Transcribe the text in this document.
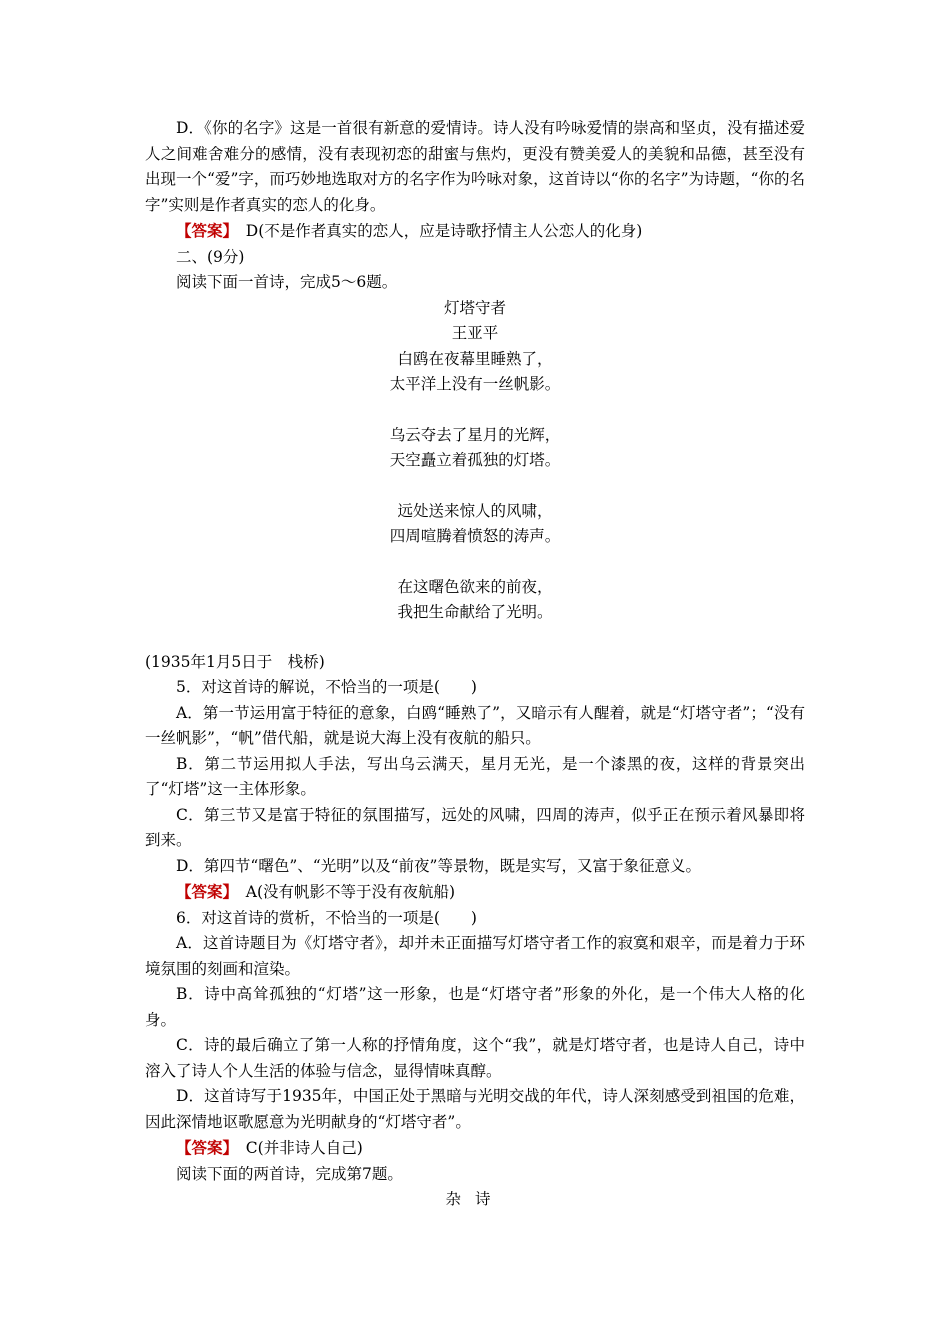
D．《你的名字》这是一首很有新意的爱情诗。诗人没有吟咏爱情的崇高和坚贞，没有描述爱人之间难舍难分的感情，没有表现初恋的甜蜜与焦灼，更没有赞美爱人的美貌和品德，甚至没有出现一个“爱”字，而巧妙地选取对方的名字作为吟咏对象，这首诗以“你的名字”为诗题，“你的名字”实则是作者真实的恋人的化身。

【答案】　 D(不是作者真实的恋人，应是诗歌抒情主人公恋人的化身)

二、(9分)

阅读下面一首诗，完成5～6题。

灯塔守者

王亚平

白鸥在夜幕里睡熟了，

太平洋上没有一丝帆影。

乌云夺去了星月的光辉，

天空矗立着孤独的灯塔。

远处送来惊人的风啸，

四周喧腾着愤怒的涛声。

在这曙色欲来的前夜，

我把生命献给了光明。

(1935年1月5日于　栈桥)

5．对这首诗的解说，不恰当的一项是(　　)

A．第一节运用富于特征的意象，白鸥“睡熟了”，又暗示有人醒着，就是“灯塔守者”；“没有一丝帆影”，“帆”借代船，就是说大海上没有夜航的船只。

B．第二节运用拟人手法，写出乌云满天，星月无光，是一个漆黑的夜，这样的背景突出了“灯塔”这一主体形象。

C．第三节又是富于特征的氛围描写，远处的风啸，四周的涛声，似乎正在预示着风暴即将到来。

D．第四节“曙色”、“光明”以及“前夜”等景物，既是实写，又富于象征意义。

【答案】　 A(没有帆影不等于没有夜航船)

6．对这首诗的赏析，不恰当的一项是(　　)

A．这首诗题目为《灯塔守者》，却并未正面描写灯塔守者工作的寂寞和艰辛，而是着力于环境氛围的刻画和渲染。

B．诗中高耸孤独的“灯塔”这一形象，也是“灯塔守者”形象的外化，是一个伟大人格的化身。

C．诗的最后确立了第一人称的抒情角度，这个“我”，就是灯塔守者，也是诗人自己，诗中溶入了诗人个人生活的体验与信念，显得情味真醇。

D．这首诗写于1935年，中国正处于黑暗与光明交战的年代，诗人深刻感受到祖国的危难，因此深情地讴歌愿意为光明献身的“灯塔守者”。

【答案】　 C(并非诗人自己)

阅读下面的两首诗，完成第7题。

杂诗
